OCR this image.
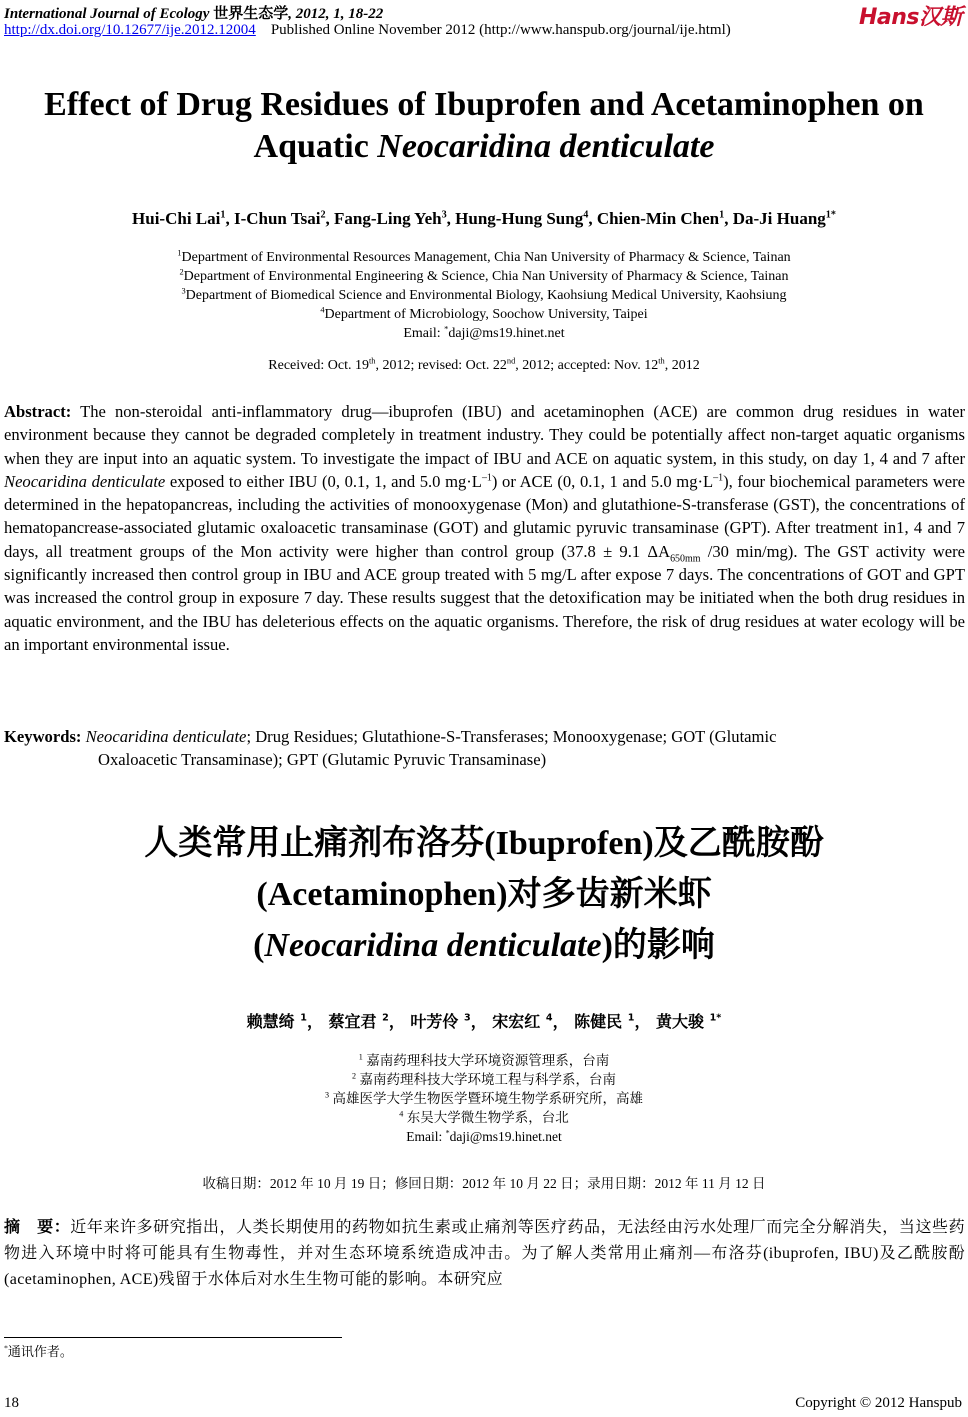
International Journal of Ecology 世界生态学, 2012, 1, 18-22
http://dx.doi.org/10.12677/ije.2012.12004 Published Online November 2012 (http://www.hanspub.org/journal/ije.html)	Hans汉斯
Effect of Drug Residues of Ibuprofen and Acetaminophen on
Aquatic Neocaridina denticulate
Hui-Chi Lai$^1$, I-Chun Tsai$^2$, Fang-Ling Yeh$^3$, Hung-Hung Sung$^4$, Chien-Min Chen$^1$, Da-Ji Huang$^{1*}$
$^1$Department of Environmental Resources Management, Chia Nan University of Pharmacy & Science, Tainan
$^2$Department of Environmental Engineering & Science, Chia Nan University of Pharmacy & Science, Tainan
$^3$Department of Biomedical Science and Environmental Biology, Kaohsiung Medical University, Kaohsiung
$^4$Department of Microbiology, Soochow University, Taipei
Email: *daji@ms19.hinet.net
Received: Oct. 19th, 2012; revised: Oct. 22nd, 2012; accepted: Nov. 12th, 2012
Abstract: The non-steroidal anti-inflammatory drug—ibuprofen (IBU) and acetaminophen (ACE) are common drug residues in water environment because they cannot be degraded completely in treatment industry. They could be potentially affect non-target aquatic organisms when they are input into an aquatic system. To investigate the impact of IBU and ACE on aquatic system, in this study, on day 1, 4 and 7 after Neocaridina denticulate exposed to either IBU (0, 0.1, 1, and 5.0 $mg\cdot L^{-1}$) or ACE (0, 0.1, 1 and 5.0 $mg\cdot L^{-1}$), four biochemical parameters were determined in the hepatopancreas, including the activities of monooxygenase (Mon) and glutathione-S-transferase (GST), the concentrations of hematopancrease-associated glutamic oxaloacetic transaminase (GOT) and glutamic pyruvic transaminase (GPT). After treatment in1, 4 and 7 days, all treatment groups of the Mon activity were higher than control group (37.8 ± 9.1 $\Delta A_{650mm}$ /30 min/mg). The GST activity were significantly increased then control group in IBU and ACE group treated with 5 mg/L after expose 7 days. The concentrations of GOT and GPT was increased the control group in exposure 7 day. These results suggest that the detoxification may be initiated when the both drug residues in aquatic environment, and the IBU has deleterious effects on the aquatic organisms. Therefore, the risk of drug residues at water ecology will be an important environmental issue.
Keywords: Neocaridina denticulate; Drug Residues; Glutathione-S-Transferases; Monooxygenase; GOT (Glutamic
Oxaloacetic Transaminase); GPT (Glutamic Pyruvic Transaminase)
人类常用止痛剂布洛芬(Ibuprofen)及乙酰胺酚
(Acetaminophen)对多齿新米虾
(Neocaridina denticulate)的影响
赖慧绮 $^1$， 蔡宜君 $^2$， 叶芳伶 $^3$， 宋宏红 $^4$， 陈健民 $^1$， 黄大骏 $^{1*}$
$^1$ 嘉南药理科技大学环境资源管理系，台南
$^2$ 嘉南药理科技大学环境工程与科学系，台南
$^3$ 高雄医学大学生物医学暨环境生物学系研究所，高雄
$^4$ 东吴大学微生物学系，台北
Email: *daji@ms19.hinet.net
收稿日期：2012 年 10 月 19 日；修回日期：2012 年 10 月 22 日；录用日期：2012 年 11 月 12 日
摘　要：近年来许多研究指出，人类长期使用的药物如抗生素或止痛剂等医疗药品，无法经由污水处理厂而完全分解消失，当这些药物进入环境中时将可能具有生物毒性，并对生态环境系统造成冲击。为了解人类常用止痛剂—布洛芬(ibuprofen, IBU)及乙酰胺酚(acetaminophen, ACE)残留于水体后对水生生物可能的影响。本研究应
*通讯作者。
18	Copyright © 2012 Hanspub
